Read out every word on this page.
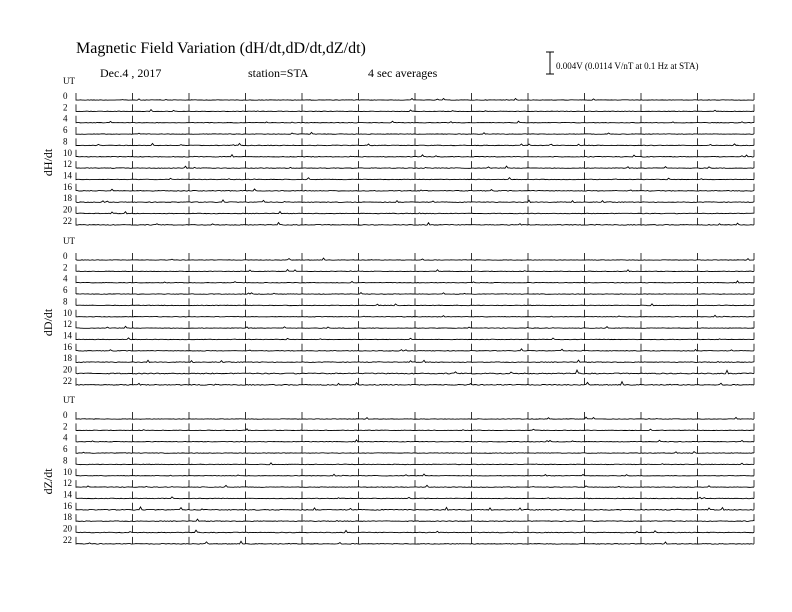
Magnetic Field Variation (dH/dt,dD/dt,dZ/dt)
Dec.4 , 2017	station=STA	4 sec averages	0.004V (0.0114 V/nT at 0.1 Hz at STA)
UT
dH/dt
0
2
4
6
8
10
12
14
16
18
20
22
UT
dD/dt
0
2
4
6
8
10
12
14
16
18
20
22
UT
dZ/dt
0
2
4
6
8
10
12
14
16
18
20
22
